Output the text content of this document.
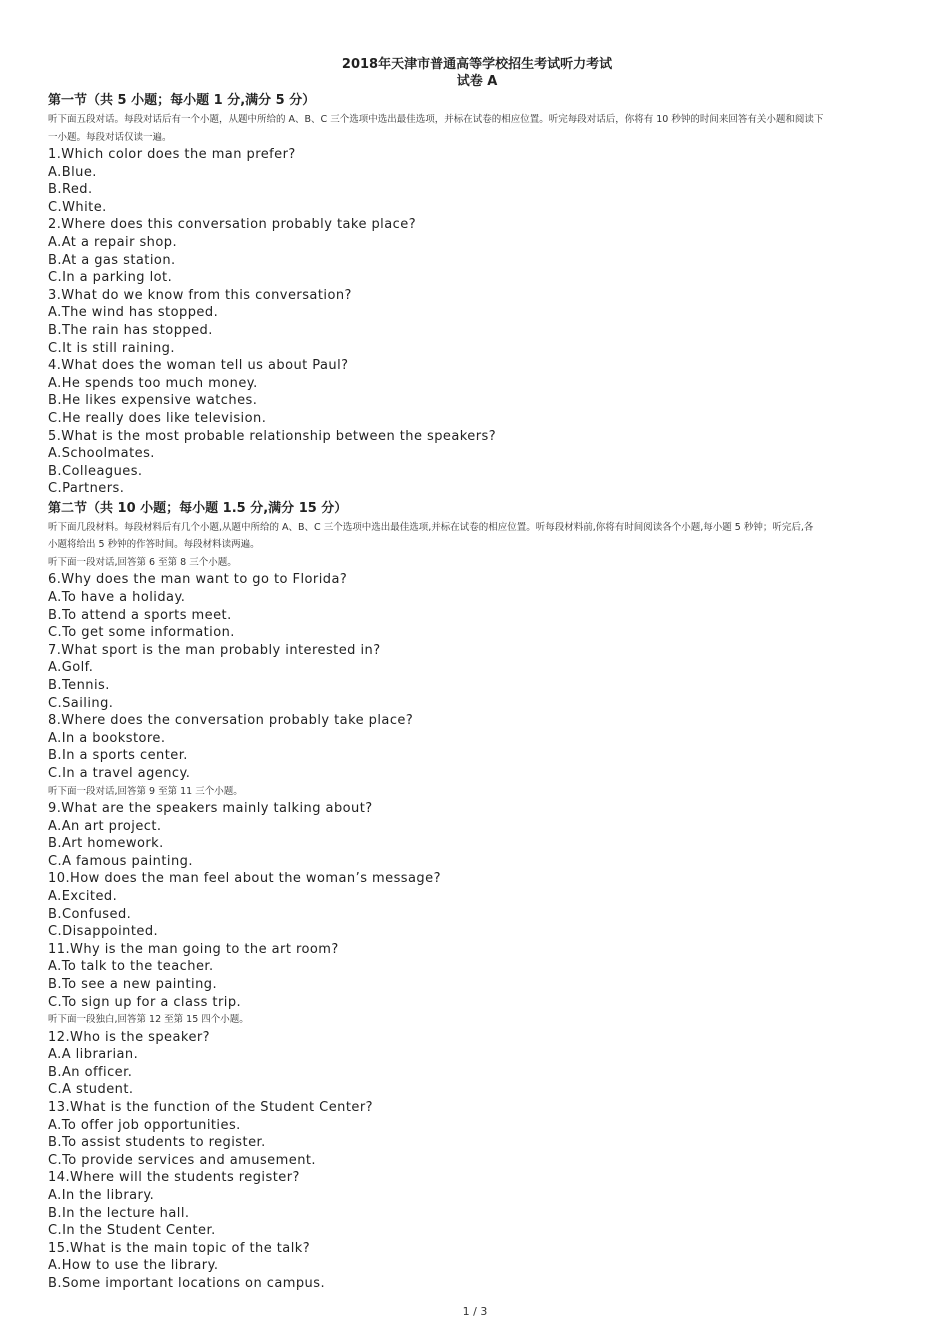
2018年天津市普通高等学校招生考试听力考试
试卷 A
第一节（共 5 小题；每小题 1 分,满分 5 分）
听下面五段对话。每段对话后有一个小题，从题中所给的 A、B、C 三个选项中选出最佳选项，并标在试卷的相应位置。听完每段对话后，你将有 10 秒钟的时间来回答有关小题和阅读下
一小题。每段对话仅读一遍。
1.Which color does the man prefer?
A.Blue.
B.Red.
C.White.
2.Where does this conversation probably take place?
A.At a repair shop.
B.At a gas station.
C.In a parking lot.
3.What do we know from this conversation?
A.The wind has stopped.
B.The rain has stopped.
C.It is still raining.
4.What does the woman tell us about Paul?
A.He spends too much money.
B.He likes expensive watches.
C.He really does like television.
5.What is the most probable relationship between the speakers?
A.Schoolmates.
B.Colleagues.
C.Partners.
第二节（共 10 小题；每小题 1.5 分,满分 15 分）
听下面几段材料。每段材料后有几个小题,从题中所给的 A、B、C 三个选项中选出最佳选项,并标在试卷的相应位置。听每段材料前,你将有时间阅读各个小题,每小题 5 秒钟；听完后,各
小题将给出 5 秒钟的作答时间。每段材料读两遍。
听下面一段对话,回答第 6 至第 8 三个小题。
6.Why does the man want to go to Florida?
A.To have a holiday.
B.To attend a sports meet.
C.To get some information.
7.What sport is the man probably interested in?
A.Golf.
B.Tennis.
C.Sailing.
8.Where does the conversation probably take place?
A.In a bookstore.
B.In a sports center.
C.In a travel agency.
听下面一段对话,回答第 9 至第 11 三个小题。
9.What are the speakers mainly talking about?
A.An art project.
B.Art homework.
C.A famous painting.
10.How does the man feel about the woman’s message?
A.Excited.
B.Confused.
C.Disappointed.
11.Why is the man going to the art room?
A.To talk to the teacher.
B.To see a new painting.
C.To sign up for a class trip.
听下面一段独白,回答第 12 至第 15 四个小题。
12.Who is the speaker?
A.A librarian.
B.An officer.
C.A student.
13.What is the function of the Student Center?
A.To offer job opportunities.
B.To assist students to register.
C.To provide services and amusement.
14.Where will the students register?
A.In the library.
B.In the lecture hall.
C.In the Student Center.
15.What is the main topic of the talk?
A.How to use the library.
B.Some important locations on campus.
1 / 3
